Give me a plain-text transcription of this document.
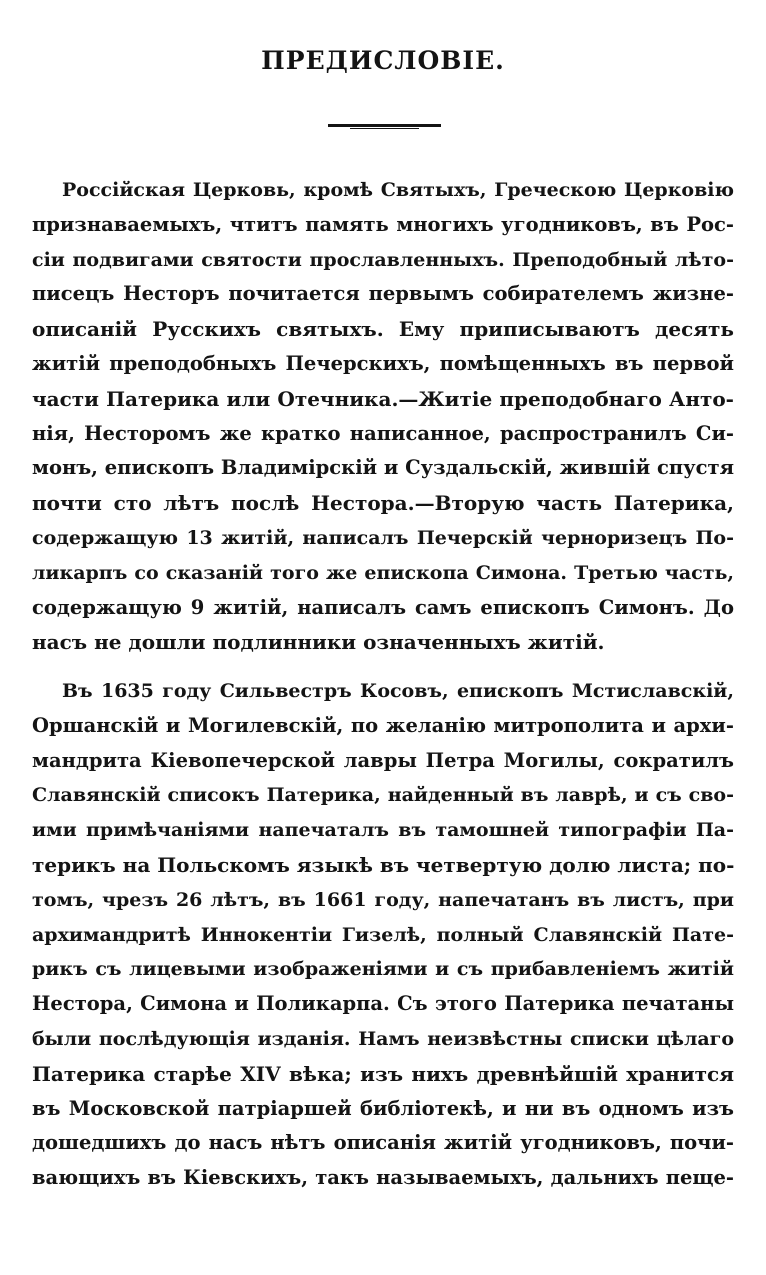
ПРЕДИСЛОВІЕ.
Россійская Церковь, кромѣ Святыхъ, Греческою Церковію
признаваемыхъ, чтитъ память многихъ угодниковъ, въ Рос-
сіи подвигами святости прославленныхъ. Преподобный лѣто-
писецъ Несторъ почитается первымъ собирателемъ жизне-
описаній Русскихъ святыхъ. Ему приписываютъ десять
житій преподобныхъ Печерскихъ, помѣщенныхъ въ первой
части Патерика или Отечника.—Житіе преподобнаго Анто-
нія, Несторомъ же кратко написанное, распространилъ Си-
монъ, епископъ Владимірскій и Суздальскій, жившій спустя
почти сто лѣтъ послѣ Нестора.—Вторую часть Патерика,
содержащую 13 житій, написалъ Печерскій черноризецъ По-
ликарпъ со сказаній того же епископа Симона. Третью часть,
содержащую 9 житій, написалъ самъ епископъ Симонъ. До
насъ не дошли подлинники означенныхъ житій.
Въ 1635 году Сильвестръ Косовъ, епископъ Мстиславскій,
Оршанскій и Могилевскій, по желанію митрополита и архи-
мандрита Кіевопечерской лавры Петра Могилы, сократилъ
Славянскій списокъ Патерика, найденный въ лаврѣ, и съ сво-
ими примѣчаніями напечаталъ въ тамошней типографіи Па-
терикъ на Польскомъ языкѣ въ четвертую долю листа; по-
томъ, чрезъ 26 лѣтъ, въ 1661 году, напечатанъ въ листъ, при
архимандритѣ Иннокентіи Гизелѣ, полный Славянскій Пате-
рикъ съ лицевыми изображеніями и съ прибавленіемъ житій
Нестора, Симона и Поликарпа. Съ этого Патерика печатаны
были послѣдующія изданія. Намъ неизвѣстны списки цѣлаго
Патерика старѣе XIV вѣка; изъ нихъ древнѣйшій хранится
въ Московской патріаршей библіотекѣ, и ни въ одномъ изъ
дошедшихъ до насъ нѣтъ описанія житій угодниковъ, почи-
вающихъ въ Кіевскихъ, такъ называемыхъ, дальнихъ пеще-
